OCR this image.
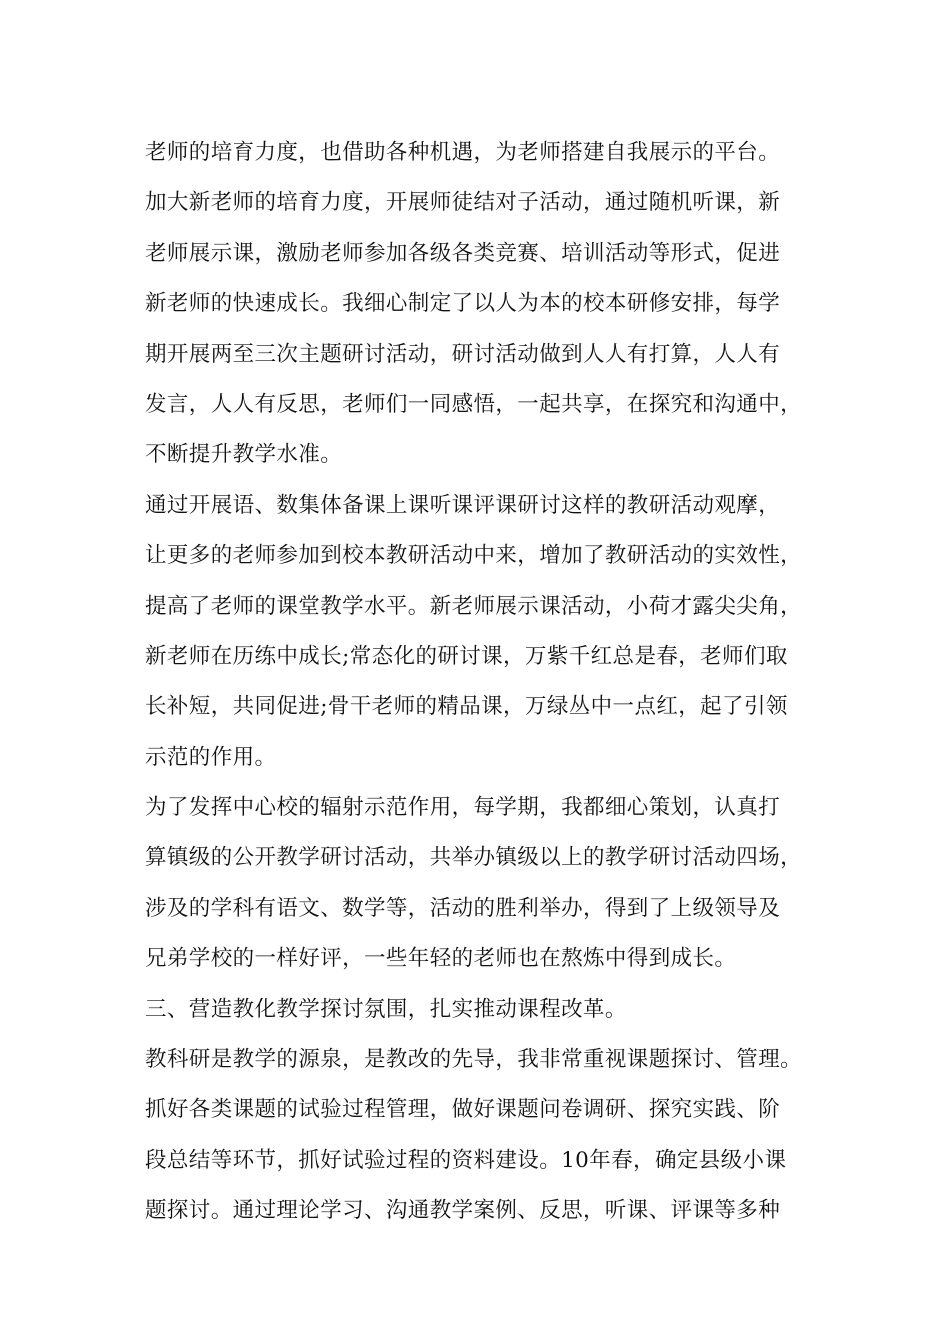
老师的培育力度，也借助各种机遇，为老师搭建自我展示的平台。
加大新老师的培育力度，开展师徒结对子活动，通过随机听课，新
老师展示课，激励老师参加各级各类竞赛、培训活动等形式，促进
新老师的快速成长。我细心制定了以人为本的校本研修安排，每学
期开展两至三次主题研讨活动，研讨活动做到人人有打算，人人有
发言，人人有反思，老师们一同感悟，一起共享，在探究和沟通中，
不断提升教学水准。
通过开展语、数集体备课上课听课评课研讨这样的教研活动观摩，
让更多的老师参加到校本教研活动中来，增加了教研活动的实效性，
提高了老师的课堂教学水平。新老师展示课活动，小荷才露尖尖角，
新老师在历练中成长;常态化的研讨课，万紫千红总是春，老师们取
长补短，共同促进;骨干老师的精品课，万绿丛中一点红，起了引领
示范的作用。
为了发挥中心校的辐射示范作用，每学期，我都细心策划，认真打
算镇级的公开教学研讨活动，共举办镇级以上的教学研讨活动四场，
涉及的学科有语文、数学等，活动的胜利举办，得到了上级领导及
兄弟学校的一样好评，一些年轻的老师也在熬炼中得到成长。
三、营造教化教学探讨氛围，扎实推动课程改革。
教科研是教学的源泉，是教改的先导，我非常重视课题探讨、管理。
抓好各类课题的试验过程管理，做好课题问卷调研、探究实践、阶
段总结等环节，抓好试验过程的资料建设。10年春，确定县级小课
题探讨。通过理论学习、沟通教学案例、反思，听课、评课等多种
